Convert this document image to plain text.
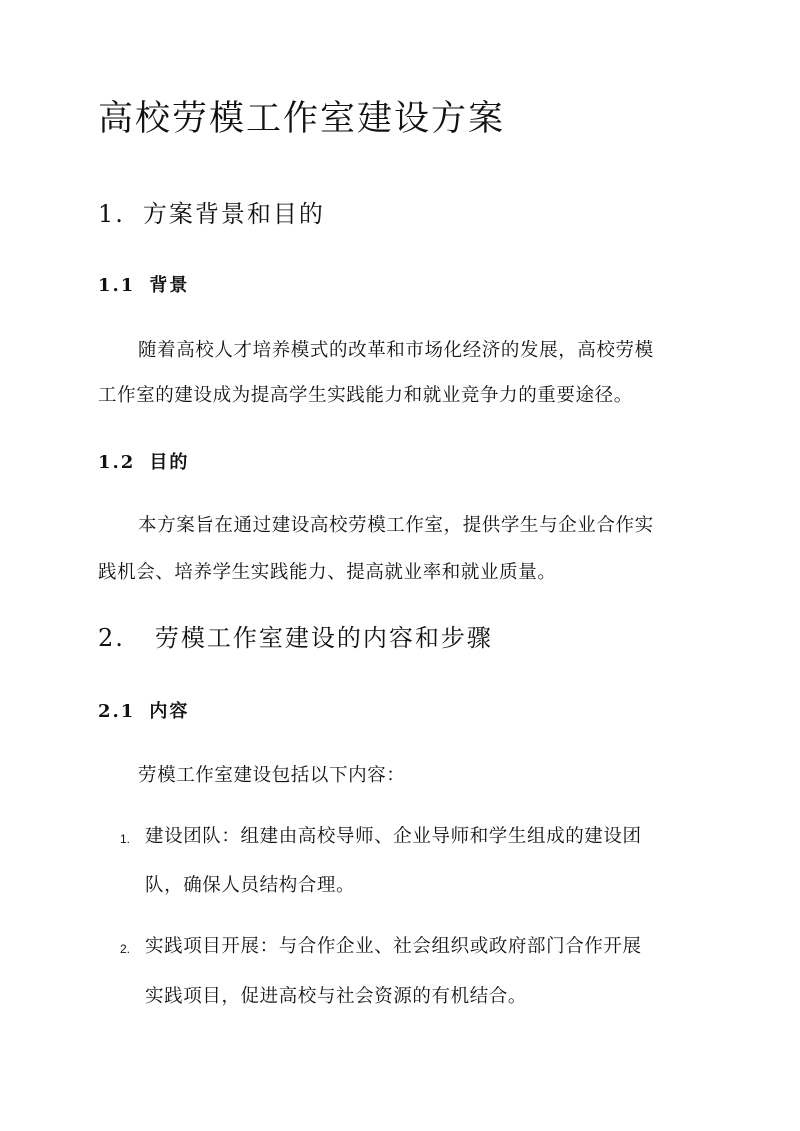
高校劳模工作室建设方案
1. 方案背景和目的
1.1 背景
随着高校人才培养模式的改革和市场化经济的发展，高校劳模
工作室的建设成为提高学生实践能力和就业竞争力的重要途径。
1.2 目的
本方案旨在通过建设高校劳模工作室，提供学生与企业合作实
践机会、培养学生实践能力、提高就业率和就业质量。
2. 劳模工作室建设的内容和步骤
2.1 内容
劳模工作室建设包括以下内容：
1. 建设团队：组建由高校导师、企业导师和学生组成的建设团
队，确保人员结构合理。
2. 实践项目开展：与合作企业、社会组织或政府部门合作开展
实践项目，促进高校与社会资源的有机结合。
